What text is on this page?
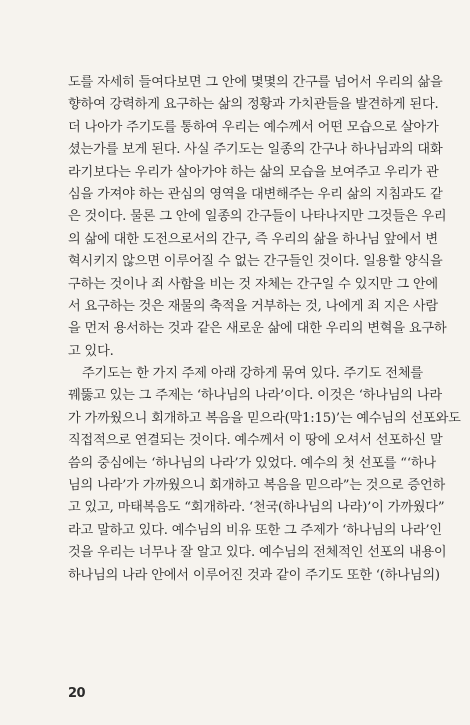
도를 자세히 들여다보면 그 안에 몇몇의 간구를 넘어서 우리의 삶을
향하여 강력하게 요구하는 삶의 정황과 가치관들을 발견하게 된다.
더 나아가 주기도를 통하여 우리는 예수께서 어떤 모습으로 살아가
셨는가를 보게 된다. 사실 주기도는 일종의 간구나 하나님과의 대화
라기보다는 우리가 살아가야 하는 삶의 모습을 보여주고 우리가 관
심을 가져야 하는 관심의 영역을 대변해주는 우리 삶의 지침과도 같
은 것이다. 물론 그 안에 일종의 간구들이 나타나지만 그것들은 우리
의 삶에 대한 도전으로서의 간구, 즉 우리의 삶을 하나님 앞에서 변
혁시키지 않으면 이루어질 수 없는 간구들인 것이다. 일용할 양식을
구하는 것이나 죄 사함을 비는 것 자체는 간구일 수 있지만 그 안에
서 요구하는 것은 재물의 축적을 거부하는 것, 나에게 죄 지은 사람
을 먼저 용서하는 것과 같은 새로운 삶에 대한 우리의 변혁을 요구하
고 있다.
주기도는 한 가지 주제 아래 강하게 묶여 있다. 주기도 전체를
꿰뚫고 있는 그 주제는 ‘하나님의 나라’이다. 이것은 ‘하나님의 나라
가 가까웠으니 회개하고 복음을 믿으라(막1:15)’는 예수님의 선포와도
직접적으로 연결되는 것이다. 예수께서 이 땅에 오셔서 선포하신 말
씀의 중심에는 ‘하나님의 나라’가 있었다. 예수의 첫 선포를 “‘하나
님의 나라’가 가까웠으니 회개하고 복음을 믿으라”는 것으로 증언하
고 있고, 마태복음도 “회개하라. ‘천국(하나님의 나라)’이 가까웠다”
라고 말하고 있다. 예수님의 비유 또한 그 주제가 ‘하나님의 나라’인
것을 우리는 너무나 잘 알고 있다. 예수님의 전체적인 선포의 내용이
하나님의 나라 안에서 이루어진 것과 같이 주기도 또한 ‘(하나님의)
20
